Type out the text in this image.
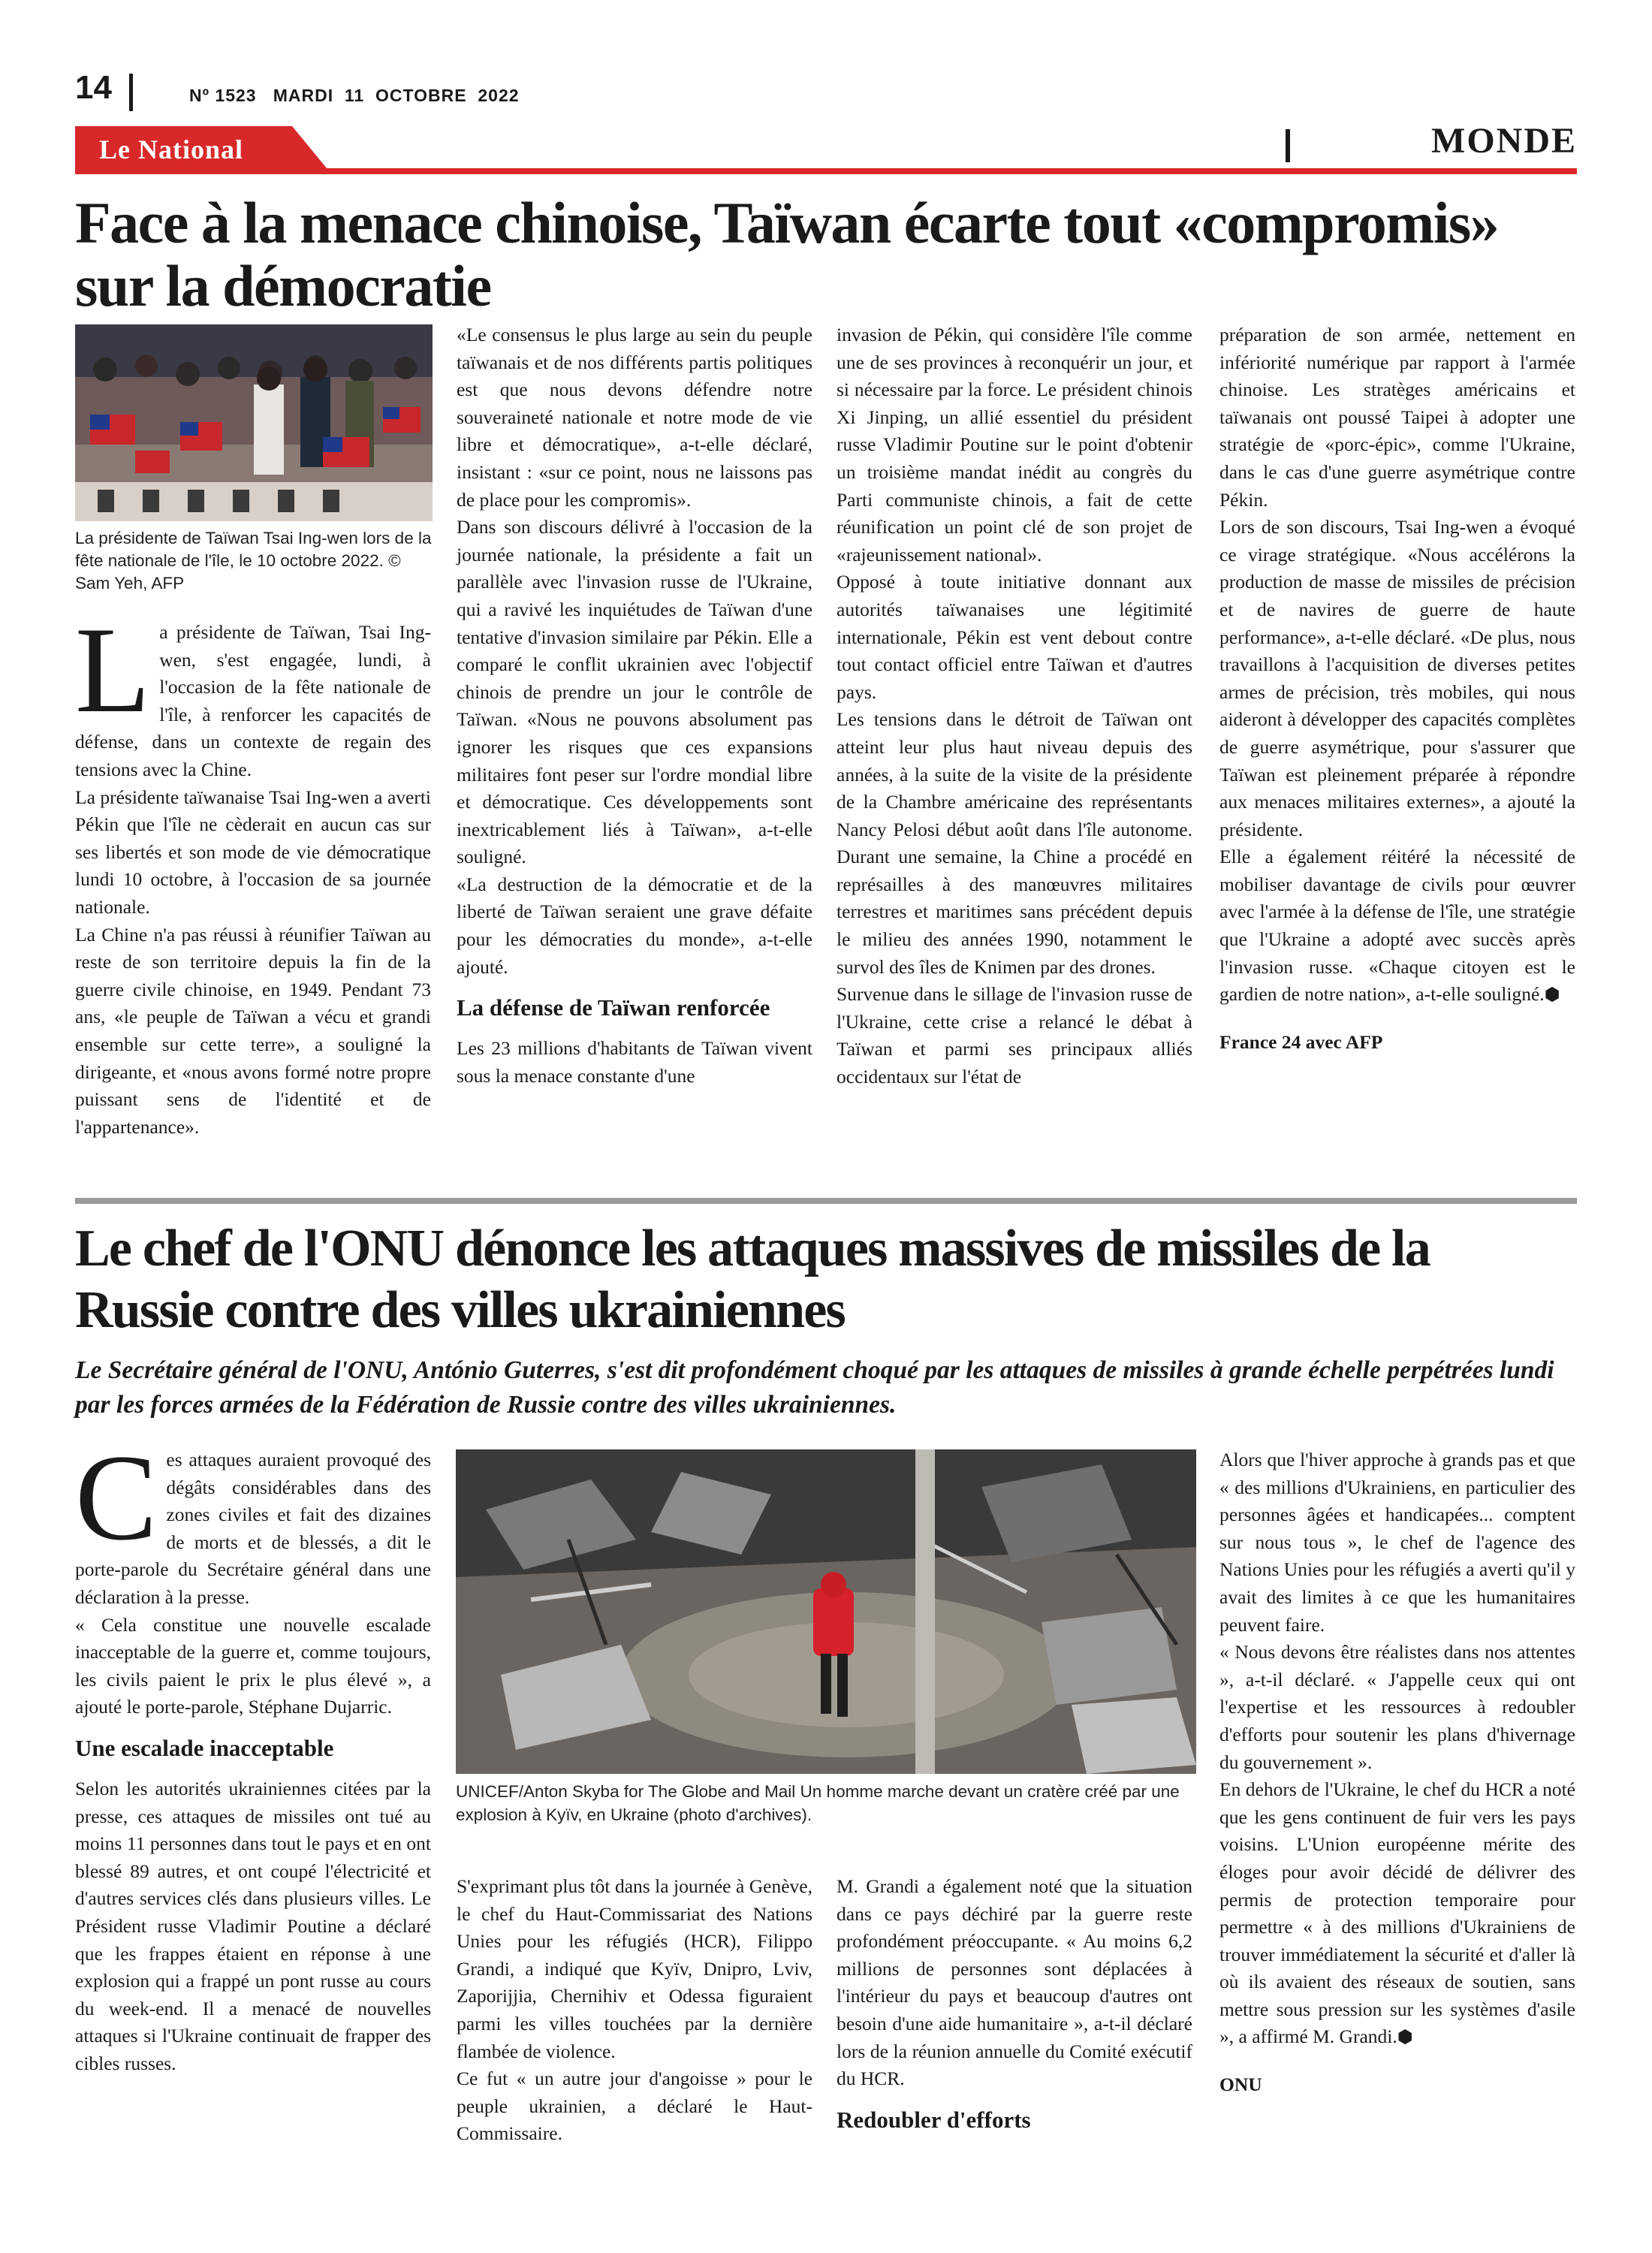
14	Nº 1523   MARDI  11  OCTOBRE  2022
Le National	MONDE
Face à la menace chinoise, Taïwan écarte tout «compromis» sur la démocratie
La présidente de Taïwan Tsai Ing-wen lors de la fête nationale de l'île, le 10 octobre 2022. © Sam Yeh, AFP

La présidente de Taïwan, Tsai Ing-wen, s'est engagée, lundi, à l'occasion de la fête nationale de l'île, à renforcer les capacités de défense, dans un contexte de regain des tensions avec la Chine.

La présidente taïwanaise Tsai Ing-wen a averti Pékin que l'île ne cèderait en aucun cas sur ses libertés et son mode de vie démocratique lundi 10 octobre, à l'occasion de sa journée nationale.

La Chine n'a pas réussi à réunifier Taïwan au reste de son territoire depuis la fin de la guerre civile chinoise, en 1949. Pendant 73 ans, «le peuple de Taïwan a vécu et grandi ensemble sur cette terre», a souligné la dirigeante, et «nous avons formé notre propre puissant sens de l'identité et de l'appartenance».

«Le consensus le plus large au sein du peuple taïwanais et de nos différents partis politiques est que nous devons défendre notre souveraineté nationale et notre mode de vie libre et démocratique», a-t-elle déclaré, insistant : «sur ce point, nous ne laissons pas de place pour les compromis».

Dans son discours délivré à l'occasion de la journée nationale, la présidente a fait un parallèle avec l'invasion russe de l'Ukraine, qui a ravivé les inquiétudes de Taïwan d'une tentative d'invasion similaire par Pékin. Elle a comparé le conflit ukrainien avec l'objectif chinois de prendre un jour le contrôle de Taïwan. «Nous ne pouvons absolument pas ignorer les risques que ces expansions militaires font peser sur l'ordre mondial libre et démocratique. Ces développements sont inextricablement liés à Taïwan», a-t-elle souligné.

«La destruction de la démocratie et de la liberté de Taïwan seraient une grave défaite pour les démocraties du monde», a-t-elle ajouté.

La défense de Taïwan renforcée

Les 23 millions d'habitants de Taïwan vivent sous la menace constante d'une

invasion de Pékin, qui considère l'île comme une de ses provinces à reconquérir un jour, et si nécessaire par la force. Le président chinois Xi Jinping, un allié essentiel du président russe Vladimir Poutine sur le point d'obtenir un troisième mandat inédit au congrès du Parti communiste chinois, a fait de cette réunification un point clé de son projet de «rajeunissement national».

Opposé à toute initiative donnant aux autorités taïwanaises une légitimité internationale, Pékin est vent debout contre tout contact officiel entre Taïwan et d'autres pays.

Les tensions dans le détroit de Taïwan ont atteint leur plus haut niveau depuis des années, à la suite de la visite de la présidente de la Chambre américaine des représentants Nancy Pelosi début août dans l'île autonome. Durant une semaine, la Chine a procédé en représailles à des manœuvres militaires terrestres et maritimes sans précédent depuis le milieu des années 1990, notamment le survol des îles de Knimen par des drones.

Survenue dans le sillage de l'invasion russe de l'Ukraine, cette crise a relancé le débat à Taïwan et parmi ses principaux alliés occidentaux sur l'état de

préparation de son armée, nettement en infériorité numérique par rapport à l'armée chinoise. Les stratèges américains et taïwanais ont poussé Taipei à adopter une stratégie de «porc-épic», comme l'Ukraine, dans le cas d'une guerre asymétrique contre Pékin.

Lors de son discours, Tsai Ing-wen a évoqué ce virage stratégique. «Nous accélérons la production de masse de missiles de précision et de navires de guerre de haute performance», a-t-elle déclaré. «De plus, nous travaillons à l'acquisition de diverses petites armes de précision, très mobiles, qui nous aideront à développer des capacités complètes de guerre asymétrique, pour s'assurer que Taïwan est pleinement préparée à répondre aux menaces militaires externes», a ajouté la présidente.

Elle a également réitéré la nécessité de mobiliser davantage de civils pour œuvrer avec l'armée à la défense de l'île, une stratégie que l'Ukraine a adopté avec succès après l'invasion russe. «Chaque citoyen est le gardien de notre nation», a-t-elle souligné.⬢

France 24 avec AFP

Le chef de l'ONU dénonce les attaques massives de missiles de la Russie contre des villes ukrainiennes
Le Secrétaire général de l'ONU, António Guterres, s'est dit profondément choqué par les attaques de missiles à grande échelle perpétrées lundi par les forces armées de la Fédération de Russie contre des villes ukrainiennes.
UNICEF/Anton Skyba for The Globe and Mail Un homme marche devant un cratère créé par une explosion à Kyïv, en Ukraine (photo d'archives).

Ces attaques auraient provoqué des dégâts considérables dans des zones civiles et fait des dizaines de morts et de blessés, a dit le porte-parole du Secrétaire général dans une déclaration à la presse.

« Cela constitue une nouvelle escalade inacceptable de la guerre et, comme toujours, les civils paient le prix le plus élevé », a ajouté le porte-parole, Stéphane Dujarric.

Une escalade inacceptable

Selon les autorités ukrainiennes citées par la presse, ces attaques de missiles ont tué au moins 11 personnes dans tout le pays et en ont blessé 89 autres, et ont coupé l'électricité et d'autres services clés dans plusieurs villes. Le Président russe Vladimir Poutine a déclaré que les frappes étaient en réponse à une explosion qui a frappé un pont russe au cours du week-end. Il a menacé de nouvelles attaques si l'Ukraine continuait de frapper des cibles russes.

S'exprimant plus tôt dans la journée à Genève, le chef du Haut-Commissariat des Nations Unies pour les réfugiés (HCR), Filippo Grandi, a indiqué que Kyïv, Dnipro, Lviv, Zaporijjia, Chernihiv et Odessa figuraient parmi les villes touchées par la dernière flambée de violence.

Ce fut « un autre jour d'angoisse » pour le peuple ukrainien, a déclaré le Haut-Commissaire.

M. Grandi a également noté que la situation dans ce pays déchiré par la guerre reste profondément préoccupante. « Au moins 6,2 millions de personnes sont déplacées à l'intérieur du pays et beaucoup d'autres ont besoin d'une aide humanitaire », a-t-il déclaré lors de la réunion annuelle du Comité exécutif du HCR.

Redoubler d'efforts

Alors que l'hiver approche à grands pas et que « des millions d'Ukrainiens, en particulier des personnes âgées et handicapées... comptent sur nous tous », le chef de l'agence des Nations Unies pour les réfugiés a averti qu'il y avait des limites à ce que les humanitaires peuvent faire.

« Nous devons être réalistes dans nos attentes », a-t-il déclaré. « J'appelle ceux qui ont l'expertise et les ressources à redoubler d'efforts pour soutenir les plans d'hivernage du gouvernement ».

En dehors de l'Ukraine, le chef du HCR a noté que les gens continuent de fuir vers les pays voisins. L'Union européenne mérite des éloges pour avoir décidé de délivrer des permis de protection temporaire pour permettre « à des millions d'Ukrainiens de trouver immédiatement la sécurité et d'aller là où ils avaient des réseaux de soutien, sans mettre sous pression sur les systèmes d'asile », a affirmé M. Grandi.⬢

ONU
